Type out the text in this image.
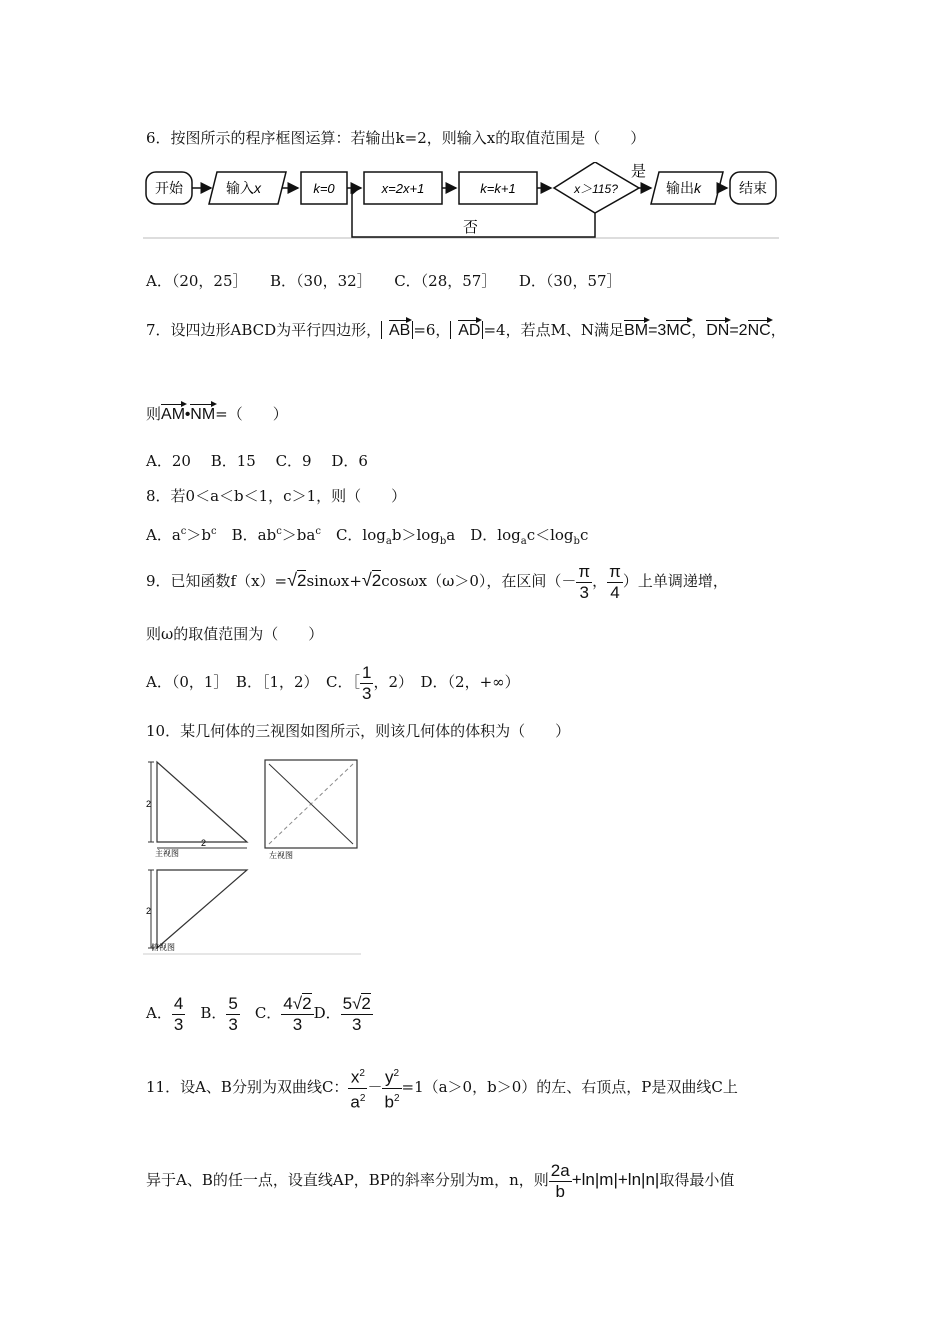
6．按图所示的程序框图运算：若输出k=2，则输入x的取值范围是（　　）
开始	输入x	k=0	x=2x+1	k=k+1	x＞115?
是
输出k	结束
否
A．（20，25］　　B．（30，32］　　C．（28，57］　　D．（30，57］
7．设四边形ABCD为平行四边形， AB =6， AD =4，若点M、N满足BM=3MC，DN=2NC，
则AM•NM=（　　）
A．20　 B．15　 C．9　 D．6
8．若0＜a＜b＜1，c＞1，则（　　）
A．$a^c>b^c$　B．$ab^c>ba^c$　C．$\log_ab>\log_ba$　D．$\log_ac<\log_bc$
9．已知函数f（x）=√2sinωx+√2cosωx（ω＞0），在区间（－ $\frac{\pi}{3}$ ， $\frac{\pi}{4}$ ）上单调递增，
则ω的取值范围为（　　）
A．（0，1］　B．［1，2）　C．［ $\frac{1}{3}$ ，2）　D．（2，+∞）
10．某几何体的三视图如图所示，则该几何体的体积为（　　）
2
2
主视图	左视图
2
俯视图
A． $\frac{4}{3}$ 　B． $\frac{5}{3}$ 　C． $\frac{4√2}{3}$ D． $\frac{5√2}{3}$
11．设A、B分别为双曲线C： $\frac{x^2}{a^2} - \frac{y^2}{b^2} =1(a>0$，b＞0）的左、右顶点，P是双曲线C上
异于A、B的任一点，设直线AP，BP的斜率分别为m，n，则 $\frac{2a}{b} +\ln|m|+\ln|n|$取得最小值
